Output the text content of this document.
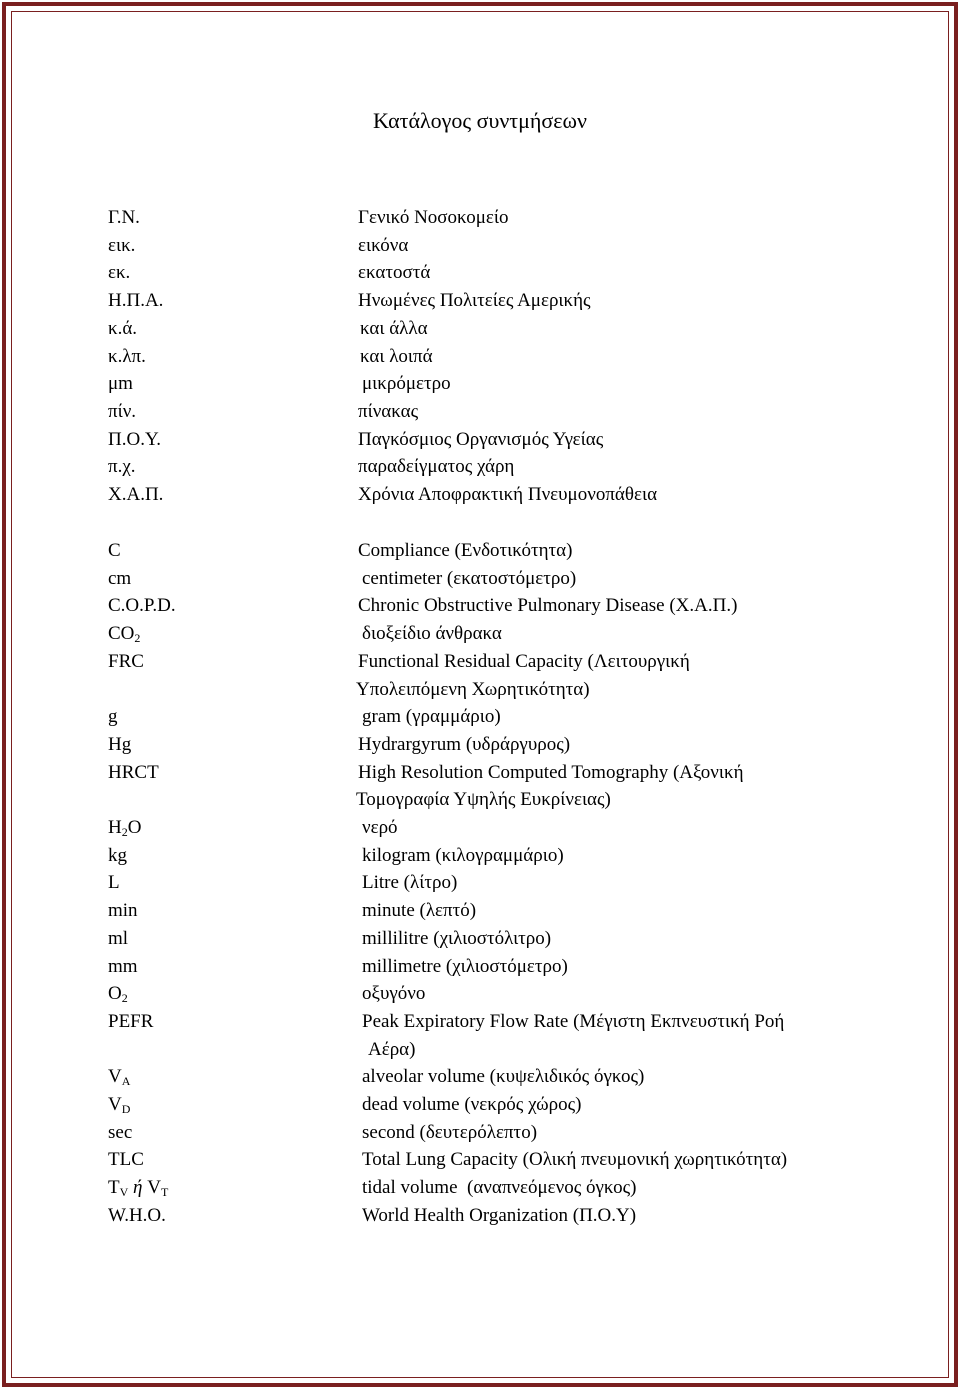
Κατάλογος συντμήσεων
Γ.Ν.	Γενικό Νοσοκομείο
εικ.	εικόνα
εκ.	εκατοστά
Η.Π.Α.	Ηνωμένες Πολιτείες Αμερικής
κ.ά.	και άλλα
κ.λπ.	και λοιπά
μm	μικρόμετρο
πίν.	πίνακας
Π.Ο.Υ.	Παγκόσμιος Οργανισμός Υγείας
π.χ.	παραδείγματος χάρη
Χ.Α.Π.	Χρόνια Αποφρακτική Πνευμονοπάθεια
C	Compliance (Ενδοτικότητα)
cm	centimeter (εκατοστόμετρο)
C.O.P.D.	Chronic Obstructive Pulmonary Disease (Χ.Α.Π.)
CO2	διοξείδιο άνθρακα
FRC	Functional Residual Capacity (Λειτουργική
Υπολειπόμενη Χωρητικότητα)
g	gram (γραμμάριο)
Hg	Hydrargyrum (υδράργυρος)
HRCT	High Resolution Computed Tomography (Αξονική
Τομογραφία Υψηλής Ευκρίνειας)
H2O	νερό
kg	kilogram (κιλογραμμάριο)
L	Litre (λίτρο)
min	minute (λεπτό)
ml	millilitre (χιλιοστόλιτρο)
mm	millimetre (χιλιοστόμετρο)
O2	οξυγόνο
PEFR	Peak Expiratory Flow Rate (Μέγιστη Εκπνευστική Ροή
Αέρα)
VA	alveolar volume (κυψελιδικός όγκος)
VD	dead volume (νεκρός χώρος)
sec	second (δευτερόλεπτο)
TLC	Total Lung Capacity (Ολική πνευμονική χωρητικότητα)
TV ή VT	tidal volume  (αναπνεόμενος όγκος)
W.H.O.	World Health Organization (Π.Ο.Υ)
